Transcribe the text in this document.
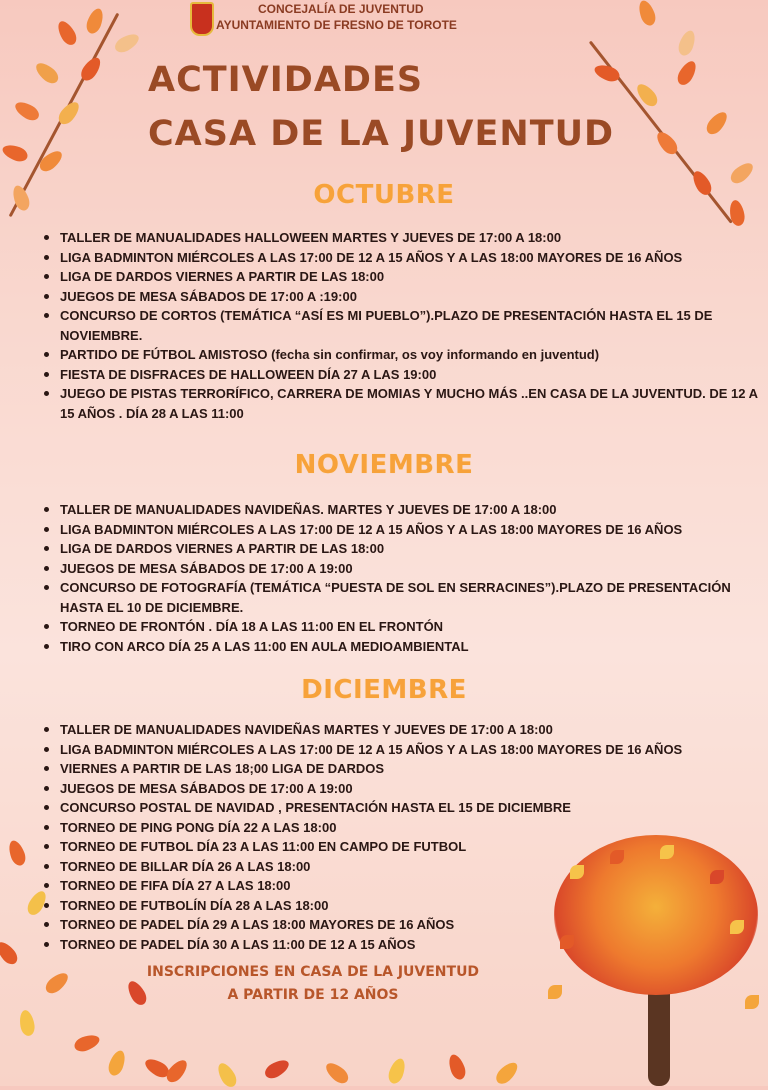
CONCEJALÍA DE JUVENTUD
AYUNTAMIENTO DE FRESNO DE TOROTE
ACTIVIDADES
CASA DE LA JUVENTUD
OCTUBRE
TALLER DE MANUALIDADES HALLOWEEN MARTES Y JUEVES DE 17:00 A 18:00
LIGA BADMINTON MIÉRCOLES A LAS 17:00 DE 12 A 15 AÑOS Y A LAS 18:00 MAYORES DE 16 AÑOS
LIGA DE DARDOS VIERNES A PARTIR DE LAS 18:00
JUEGOS DE MESA SÁBADOS DE 17:00 A :19:00
CONCURSO DE CORTOS (TEMÁTICA “ASÍ ES MI PUEBLO”).PLAZO DE PRESENTACIÓN HASTA EL 15 DE NOVIEMBRE.
PARTIDO DE FÚTBOL AMISTOSO (fecha sin confirmar, os voy informando en juventud)
FIESTA DE DISFRACES DE HALLOWEEN DÍA 27 A LAS 19:00
JUEGO DE PISTAS TERRORÍFICO, CARRERA DE MOMIAS Y MUCHO MÁS ..EN CASA DE LA JUVENTUD. DE 12 A 15 AÑOS . DÍA 28 A LAS 11:00
NOVIEMBRE
TALLER DE MANUALIDADES NAVIDEÑAS. MARTES Y JUEVES DE 17:00 A 18:00
LIGA BADMINTON MIÉRCOLES A LAS 17:00 DE 12 A 15 AÑOS Y A LAS 18:00 MAYORES DE 16 AÑOS
LIGA DE DARDOS VIERNES A PARTIR DE LAS 18:00
JUEGOS DE MESA SÁBADOS DE 17:00 A 19:00
CONCURSO DE FOTOGRAFÍA (TEMÁTICA “PUESTA DE SOL EN SERRACINES”).PLAZO DE PRESENTACIÓN HASTA EL 10 DE DICIEMBRE.
TORNEO DE FRONTÓN . DÍA 18 A LAS 11:00 EN EL FRONTÓN
TIRO CON ARCO DÍA 25 A LAS 11:00 EN AULA MEDIOAMBIENTAL
DICIEMBRE
TALLER DE MANUALIDADES NAVIDEÑAS MARTES Y JUEVES DE 17:00 A 18:00
LIGA BADMINTON MIÉRCOLES A LAS 17:00 DE 12 A 15 AÑOS Y A LAS 18:00 MAYORES DE 16 AÑOS
VIERNES A PARTIR DE LAS 18;00 LIGA DE DARDOS
JUEGOS DE MESA SÁBADOS DE 17:00 A 19:00
CONCURSO POSTAL DE NAVIDAD , PRESENTACIÓN HASTA EL 15 DE DICIEMBRE
TORNEO DE PING PONG DÍA 22 A LAS 18:00
TORNEO DE FUTBOL DÍA 23 A LAS 11:00 EN CAMPO DE FUTBOL
TORNEO DE BILLAR DÍA 26 A LAS 18:00
TORNEO DE FIFA DÍA 27 A LAS 18:00
TORNEO DE FUTBOLÍN DÍA 28 A LAS 18:00
TORNEO DE PADEL DÍA 29 A LAS 18:00 MAYORES DE 16 AÑOS
TORNEO DE PADEL DÍA 30 A LAS 11:00 DE 12 A 15 AÑOS
INSCRIPCIONES EN CASA DE LA JUVENTUD
A PARTIR DE 12 AÑOS
